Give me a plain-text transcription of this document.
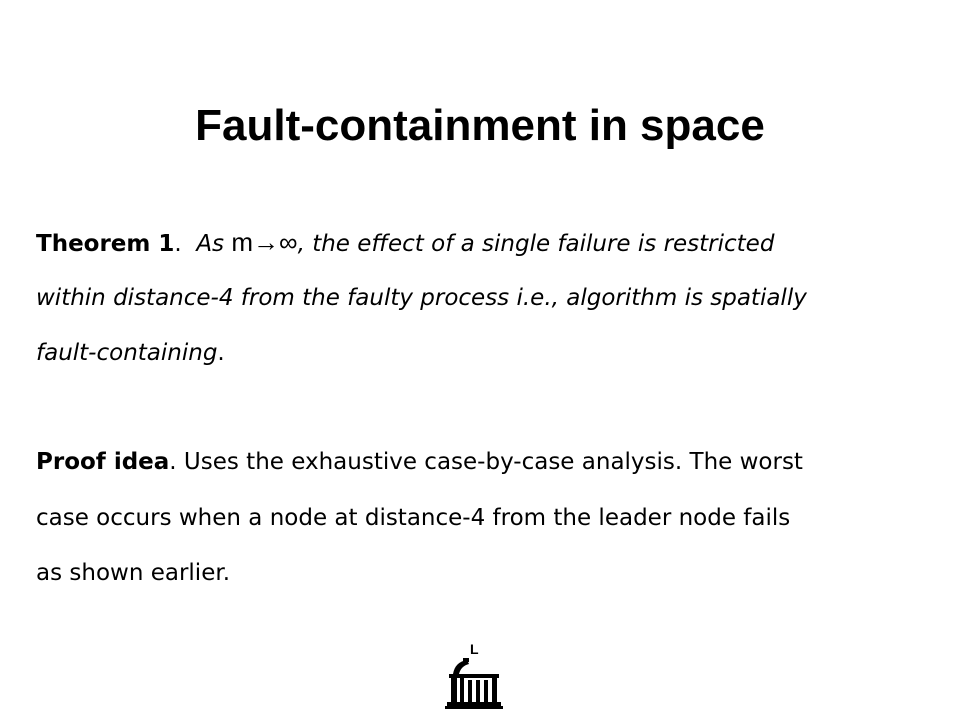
Fault-containment in space
Theorem 1. As m→∞, the effect of a single failure is restricted
within distance-4 from the faulty process i.e., algorithm is spatially
fault-containing.
Proof idea. Uses the exhaustive case-by-case analysis. The worst
case occurs when a node at distance-4 from the leader node fails
as shown earlier.
L
